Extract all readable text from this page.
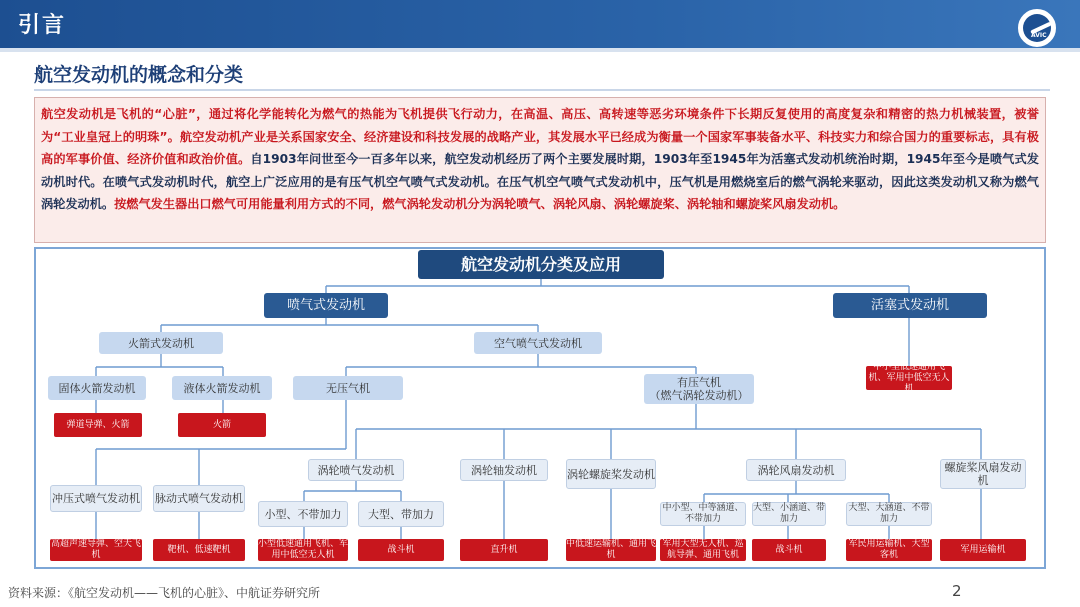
引言	AVIC
航空发动机的概念和分类
航空发动机是飞机的“心脏”，通过将化学能转化为燃气的热能为飞机提供飞行动力，在高温、高压、高转速等恶劣环境条件下长期反复使用的高度复杂和精密的热力机械装置，被誉为“工业皇冠上的明珠”。航空发动机产业是关系国家安全、经济建设和科技发展的战略产业，其发展水平已经成为衡量一个国家军事装备水平、科技实力和综合国力的重要标志，具有极高的军事价值、经济价值和政治价值。自1903年问世至今一百多年以来，航空发动机经历了两个主要发展时期，1903年至1945年为活塞式发动机统治时期，1945年至今是喷气式发动机时代。在喷气式发动机时代，航空上广泛应用的是有压气机空气喷气式发动机。在压气机空气喷气式发动机中，压气机是用燃烧室后的燃气涡轮来驱动，因此这类发动机又称为燃气涡轮发动机。按燃气发生器出口燃气可用能量利用方式的不同，燃气涡轮发动机分为涡轮喷气、涡轮风扇、涡轮螺旋桨、涡轮轴和螺旋桨风扇发动机。
航空发动机分类及应用
喷气式发动机	活塞式发动机
中小型低速通用飞机、军用中低空无人机
火箭式发动机	空气喷气式发动机
固体火箭发动机	液体火箭发动机
弹道导弹、火箭	火箭
无压气机	有压气机
（燃气涡轮发动机）
冲压式喷气发动机 脉动式喷气发动机
高超声速导弹、空天飞机
靶机、低速靶机
涡轮喷气发动机	涡轮轴发动机	涡轮螺旋桨发动机	涡轮风扇发动机	螺旋桨风扇发动机
小型、不带加力	大型、带加力
小型低速通用飞机、军用中低空无人机
战斗机	直升机
中低速运输机、通用飞机
中小型、中等涵道、不带加力
大型、小涵道、带加力
大型、大涵道、不带加力
军用大型无人机、巡航导弹、通用飞机
战斗机
军民用运输机、大型客机
军用运输机
资料来源：《航空发动机——飞机的心脏》、中航证券研究所	2
